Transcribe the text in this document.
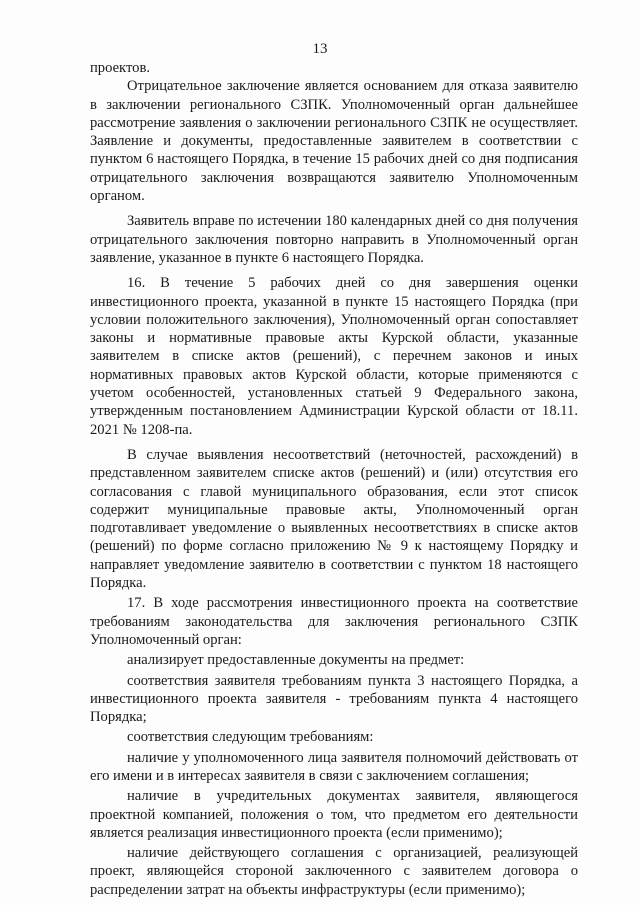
13

проектов.

Отрицательное заключение является основанием для отказа заявителю в заключении регионального СЗПК. Уполномоченный орган дальнейшее рассмотрение заявления о заключении регионального СЗПК не осуществляет. Заявление и документы, предоставленные заявителем в соответствии с пунктом 6 настоящего Порядка, в течение 15 рабочих дней со дня подписания отрицательного заключения возвращаются заявителю Уполномоченным органом.

Заявитель вправе по истечении 180 календарных дней со дня получения отрицательного заключения повторно направить в Уполномоченный орган заявление, указанное в пункте 6 настоящего Порядка.

16. В течение 5 рабочих дней со дня завершения оценки инвестиционного проекта, указанной в пункте 15 настоящего Порядка (при условии положительного заключения), Уполномоченный орган сопоставляет законы и нормативные правовые акты Курской области, указанные заявителем в списке актов (решений), с перечнем законов и иных нормативных правовых актов Курской области, которые применяются с учетом особенностей, установленных статьей 9 Федерального закона, утвержденным постановлением Администрации Курской области от 18.11. 2021 № 1208-па.

В случае выявления несоответствий (неточностей, расхождений) в представленном заявителем списке актов (решений) и (или) отсутствия его согласования с главой муниципального образования, если этот список содержит муниципальные правовые акты, Уполномоченный орган подготавливает уведомление о выявленных несоответствиях в списке актов (решений) по форме согласно приложению № 9 к настоящему Порядку и направляет уведомление заявителю в соответствии с пунктом 18 настоящего Порядка.

17. В ходе рассмотрения инвестиционного проекта на соответствие требованиям законодательства для заключения регионального СЗПК Уполномоченный орган:

анализирует предоставленные документы на предмет:

соответствия заявителя требованиям пункта 3 настоящего Порядка, а инвестиционного проекта заявителя - требованиям пункта 4 настоящего Порядка;

соответствия следующим требованиям:

наличие у уполномоченного лица заявителя полномочий действовать от его имени и в интересах заявителя в связи с заключением соглашения;

наличие в учредительных документах заявителя, являющегося проектной компанией, положения о том, что предметом его деятельности является реализация инвестиционного проекта (если применимо);

наличие действующего соглашения с организацией, реализующей проект, являющейся стороной заключенного с заявителем договора о распределении затрат на объекты инфраструктуры (если применимо);
